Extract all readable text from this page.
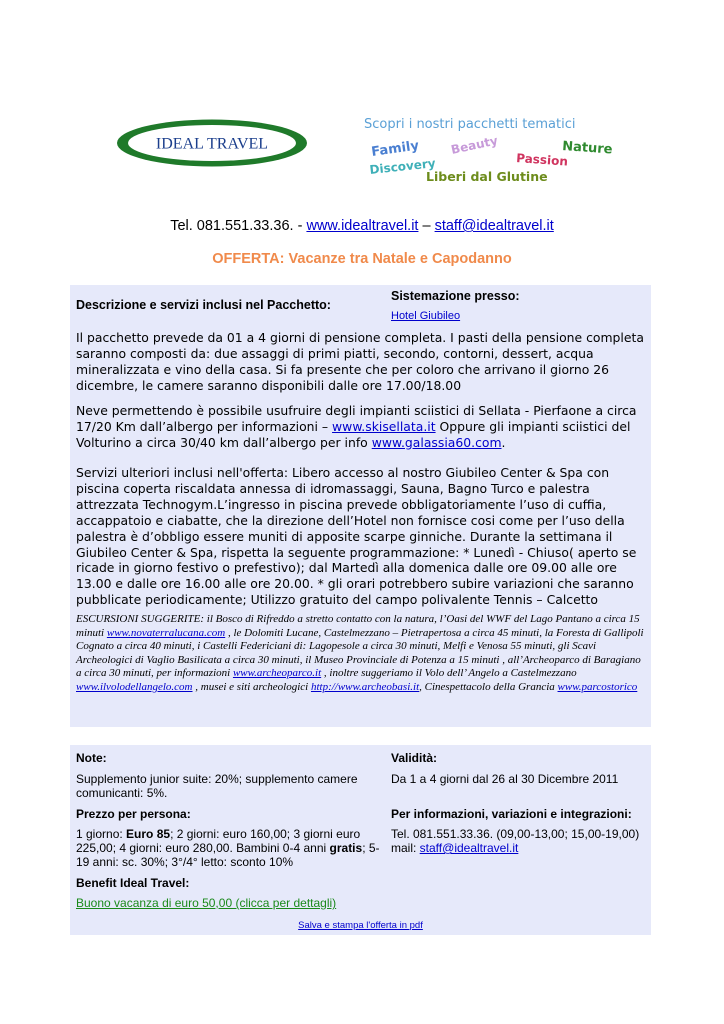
IDEAL TRAVEL
Scopri i nostri pacchetti tematici
Family Beauty	Nature
Discovery	Passion
Liberi dal Glutine
Tel. 081.551.33.36. - www.idealtravel.it – staff@idealtravel.it
OFFERTA: Vacanze tra Natale e Capodanno
Descrizione e servizi inclusi nel Pacchetto:
Sistemazione presso:
Hotel Giubileo
Il pacchetto prevede da 01 a 4 giorni di pensione completa. I pasti della pensione completa saranno composti da: due assaggi di primi piatti, secondo, contorni, dessert, acqua mineralizzata e vino della casa. Si fa presente che per coloro che arrivano il giorno 26 dicembre, le camere saranno disponibili dalle ore 17.00/18.00
Neve permettendo è possibile usufruire degli impianti sciistici di Sellata - Pierfaone a circa 17/20 Km dall’albergo per informazioni – www.skisellata.it Oppure gli impianti sciistici del Volturino a circa 30/40 km dall’albergo per info www.galassia60.com.
Servizi ulteriori inclusi nell'offerta: Libero accesso al nostro Giubileo Center & Spa con piscina coperta riscaldata annessa di idromassaggi, Sauna, Bagno Turco e palestra attrezzata Technogym.L’ingresso in piscina prevede obbligatoriamente l’uso di cuffia, accappatoio e ciabatte, che la direzione dell’Hotel non fornisce cosi come per l’uso della palestra è d’obbligo essere muniti di apposite scarpe ginniche. Durante la settimana il Giubileo Center & Spa, rispetta la seguente programmazione: * Lunedì - Chiuso( aperto se ricade in giorno festivo o prefestivo); dal Martedì alla domenica dalle ore 09.00 alle ore 13.00 e dalle ore 16.00 alle ore 20.00. * gli orari potrebbero subire variazioni che saranno pubblicate periodicamente; Utilizzo gratuito del campo polivalente Tennis – Calcetto
ESCURSIONI SUGGERITE: il Bosco di Rifreddo a stretto contatto con la natura, l’Oasi del WWF del Lago Pantano a circa 15 minuti www.novaterralucana.com , le Dolomiti Lucane, Castelmezzano – Pietrapertosa a circa 45 minuti, la Foresta di Gallipoli Cognato a circa 40 minuti, i Castelli Federiciani di: Lagopesole a circa 30 minuti, Melfi e Venosa 55 minuti, gli Scavi Archeologici di Vaglio Basilicata a circa 30 minuti, il Museo Provinciale di Potenza a 15 minuti , all’Archeoparco di Baragiano a circa 30 minuti, per informazioni www.archeoparco.it , inoltre suggeriamo il Volo dell’ Angelo a Castelmezzano www.ilvolodellangelo.com , musei e siti archeologici http://www.archeobasi.it, Cinespettacolo della Grancia www.parcostorico
Note:	Validità:
Supplemento junior suite: 20%; supplemento camere comunicanti: 5%.
Da 1 a 4 giorni dal 26 al 30 Dicembre 2011
Prezzo per persona:	Per informazioni, variazioni e integrazioni:
1 giorno: Euro 85; 2 giorni: euro 160,00; 3 giorni euro 225,00; 4 giorni: euro 280,00. Bambini 0-4 anni gratis; 5-19 anni: sc. 30%; 3°/4° letto: sconto 10%
Tel. 081.551.33.36. (09,00-13,00; 15,00-19,00)
mail: staff@idealtravel.it
Benefit Ideal Travel:
Buono vacanza di euro 50,00 (clicca per dettagli)
Salva e stampa l'offerta in pdf
